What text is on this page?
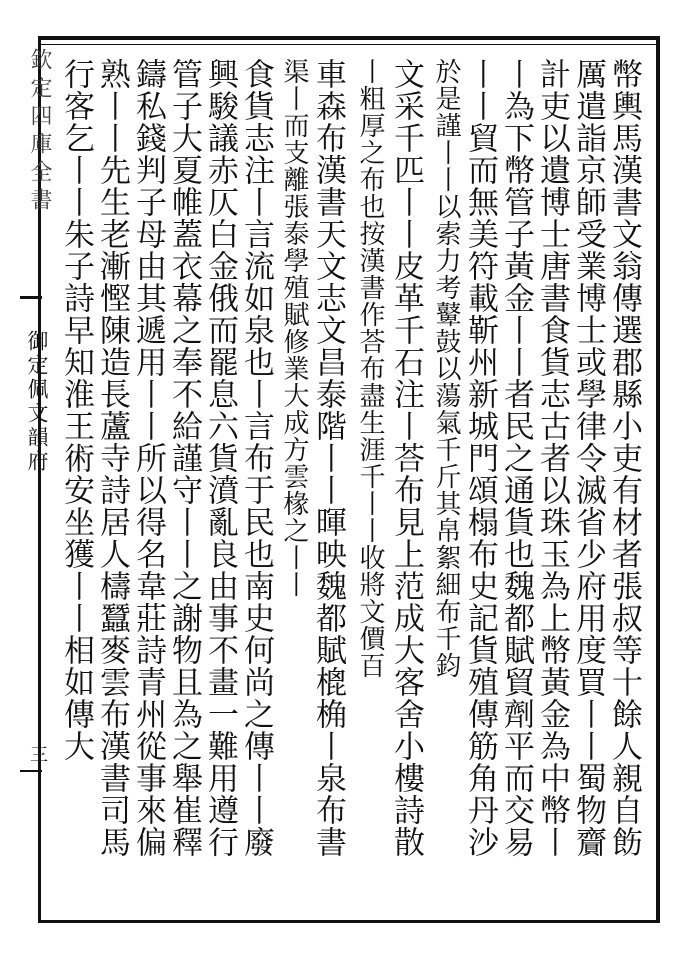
欽定四庫全書
御定佩文韻府
三	幣輿馬漢書文翁傳選郡縣小吏有材者張叔等十餘人親自飭
厲遣詣京師受業博士或學律令滅省少府用度買丨丨蜀物齎
計吏以遺博士唐書食貨志古者以珠玉為上幣黃金為中幣丨
丨為下幣管子黃金丨丨者民之通貨也魏都賦貿劑平而交易
丨丨貿而無美符載靳州新城門頌榻布史記貨殖傳筋角丹沙
於是謹丨丨以索力考鼙鼓以蕩氣千斤其帛絮細布千鈞
文采千匹丨丨皮革千石注丨荅布見上范成大客舍小樓詩散
丨粗厚之布也按漢書作荅布盡生涯千丨丨收將文價百
車森布漢書天文志文昌泰階丨丨暉映魏都賦㮰桷丨泉布書
渠丨而支離張泰學殖賦修業大成方雲椽之丨丨
食貨志注丨言流如泉也丨言布于民也南史何尚之傳丨丨廢
興駿議赤仄白金俄而罷息六貨濆亂良由事不畫一難用遵行
管子大夏帷蓋衣幕之奉不給謹守丨丨之謝物且為之舉崔釋
鑄私錢判子母由其遞用丨丨所以得名韋莊詩青州從事來偏
熟丨丨先生老漸慳陳造長蘆寺詩居人檮蠶麥雲布漢書司馬
行客乞丨丨朱子詩早知淮王術安坐獲丨丨相如傳大
